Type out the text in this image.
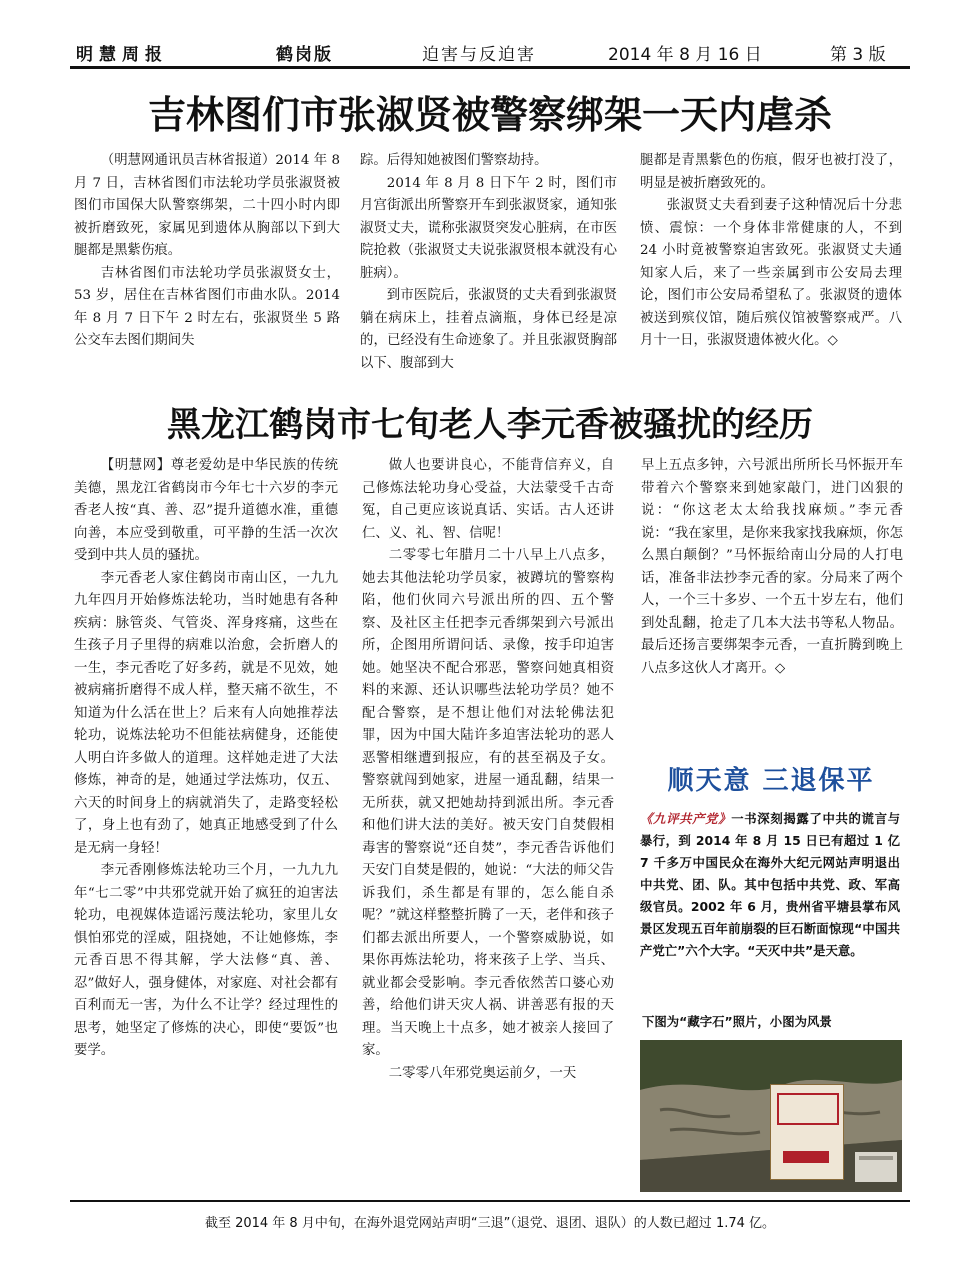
明慧周报	鹤岗版	迫害与反迫害	2014 年 8 月 16 日	第 3 版
吉林图们市张淑贤被警察绑架一天内虐杀

（明慧网通讯员吉林省报道）2014 年 8 月 7 日，吉林省图们市法轮功学员张淑贤被图们市国保大队警察绑架，二十四小时内即被折磨致死，家属见到遗体从胸部以下到大腿都是黑紫伤痕。

吉林省图们市法轮功学员张淑贤女士，53 岁，居住在吉林省图们市曲水队。2014 年 8 月 7 日下午 2 时左右，张淑贤坐 5 路公交车去图们期间失

踪。后得知她被图们警察劫持。

2014 年 8 月 8 日下午 2 时，图们市月宫街派出所警察开车到张淑贤家，通知张淑贤丈夫，谎称张淑贤突发心脏病，在市医院抢救（张淑贤丈夫说张淑贤根本就没有心脏病）。

到市医院后，张淑贤的丈夫看到张淑贤躺在病床上，挂着点滴瓶，身体已经是凉的，已经没有生命迹象了。并且张淑贤胸部以下、腹部到大

腿都是青黑紫色的伤痕，假牙也被打没了，明显是被折磨致死的。

张淑贤丈夫看到妻子这种情况后十分悲愤、震惊：一个身体非常健康的人，不到 24 小时竟被警察迫害致死。张淑贤丈夫通知家人后，来了一些亲属到市公安局去理论，图们市公安局希望私了。张淑贤的遗体被送到殡仪馆，随后殡仪馆被警察戒严。八月十一日，张淑贤遗体被火化。◇

黑龙江鹤岗市七旬老人李元香被骚扰的经历

【明慧网】尊老爱幼是中华民族的传统美德，黑龙江省鹤岗市今年七十六岁的李元香老人按“真、善、忍”提升道德水准，重德向善，本应受到敬重，可平静的生活一次次受到中共人员的骚扰。

李元香老人家住鹤岗市南山区，一九九九年四月开始修炼法轮功，当时她患有各种疾病：脉管炎、气管炎、浑身疼痛，这些在生孩子月子里得的病难以治愈，会折磨人的一生，李元香吃了好多药，就是不见效，她被病痛折磨得不成人样，整天痛不欲生，不知道为什么活在世上？后来有人向她推荐法轮功，说炼法轮功不但能祛病健身，还能使人明白许多做人的道理。这样她走进了大法修炼，神奇的是，她通过学法炼功，仅五、六天的时间身上的病就消失了，走路变轻松了，身上也有劲了，她真正地感受到了什么是无病一身轻！

李元香刚修炼法轮功三个月，一九九九年“七二零”中共邪党就开始了疯狂的迫害法轮功，电视媒体造谣污蔑法轮功，家里儿女惧怕邪党的淫威，阻挠她，不让她修炼，李元香百思不得其解，学大法修“真、善、忍”做好人，强身健体，对家庭、对社会都有百利而无一害，为什么不让学？经过理性的思考，她坚定了修炼的决心，即使“要饭”也要学。

做人也要讲良心，不能背信弃义，自己修炼法轮功身心受益，大法蒙受千古奇冤，自己更应该说真话、实话。古人还讲仁、义、礼、智、信呢！

二零零七年腊月二十八早上八点多，她去其他法轮功学员家，被蹲坑的警察构陷，他们伙同六号派出所的四、五个警察、及社区主任把李元香绑架到六号派出所，企图用所谓问话、录像，按手印迫害她。她坚决不配合邪恶，警察问她真相资料的来源、还认识哪些法轮功学员？她不配合警察，是不想让他们对法轮佛法犯罪，因为中国大陆许多迫害法轮功的恶人恶警相继遭到报应，有的甚至祸及子女。警察就闯到她家，进屋一通乱翻，结果一无所获，就又把她劫持到派出所。李元香和他们讲大法的美好。被天安门自焚假相毒害的警察说“还自焚”，李元香告诉他们天安门自焚是假的，她说：“大法的师父告诉我们，杀生都是有罪的，怎么能自杀呢？”就这样整整折腾了一天，老伴和孩子们都去派出所要人，一个警察威胁说，如果你再炼法轮功，将来孩子上学、当兵、就业都会受影响。李元香依然苦口婆心劝善，给他们讲天灾人祸、讲善恶有报的天理。当天晚上十点多，她才被亲人接回了家。

二零零八年邪党奥运前夕，一天

早上五点多钟，六号派出所所长马怀振开车带着六个警察来到她家敲门，进门凶狠的说：“你这老太太给我找麻烦。”李元香说：“我在家里，是你来我家找我麻烦，你怎么黑白颠倒？”马怀振给南山分局的人打电话，准备非法抄李元香的家。分局来了两个人，一个三十多岁、一个五十岁左右，他们到处乱翻，抢走了几本大法书等私人物品。最后还扬言要绑架李元香，一直折腾到晚上八点多这伙人才离开。◇

顺天意 三退保平

《九评共产党》一书深刻揭露了中共的谎言与暴行，到 2014 年 8 月 15 日已有超过 1 亿 7 千多万中国民众在海外大纪元网站声明退出中共党、团、队。其中包括中共党、政、军高级官员。2002 年 6 月，贵州省平塘县掌布风景区发现五百年前崩裂的巨石断面惊现“中国共产党亡”六个大字。“天灭中共”是天意。

下图为“藏字石”照片，小图为风景
截至 2014 年 8 月中旬，在海外退党网站声明“三退”（退党、退团、退队）的人数已超过 1.74 亿。
